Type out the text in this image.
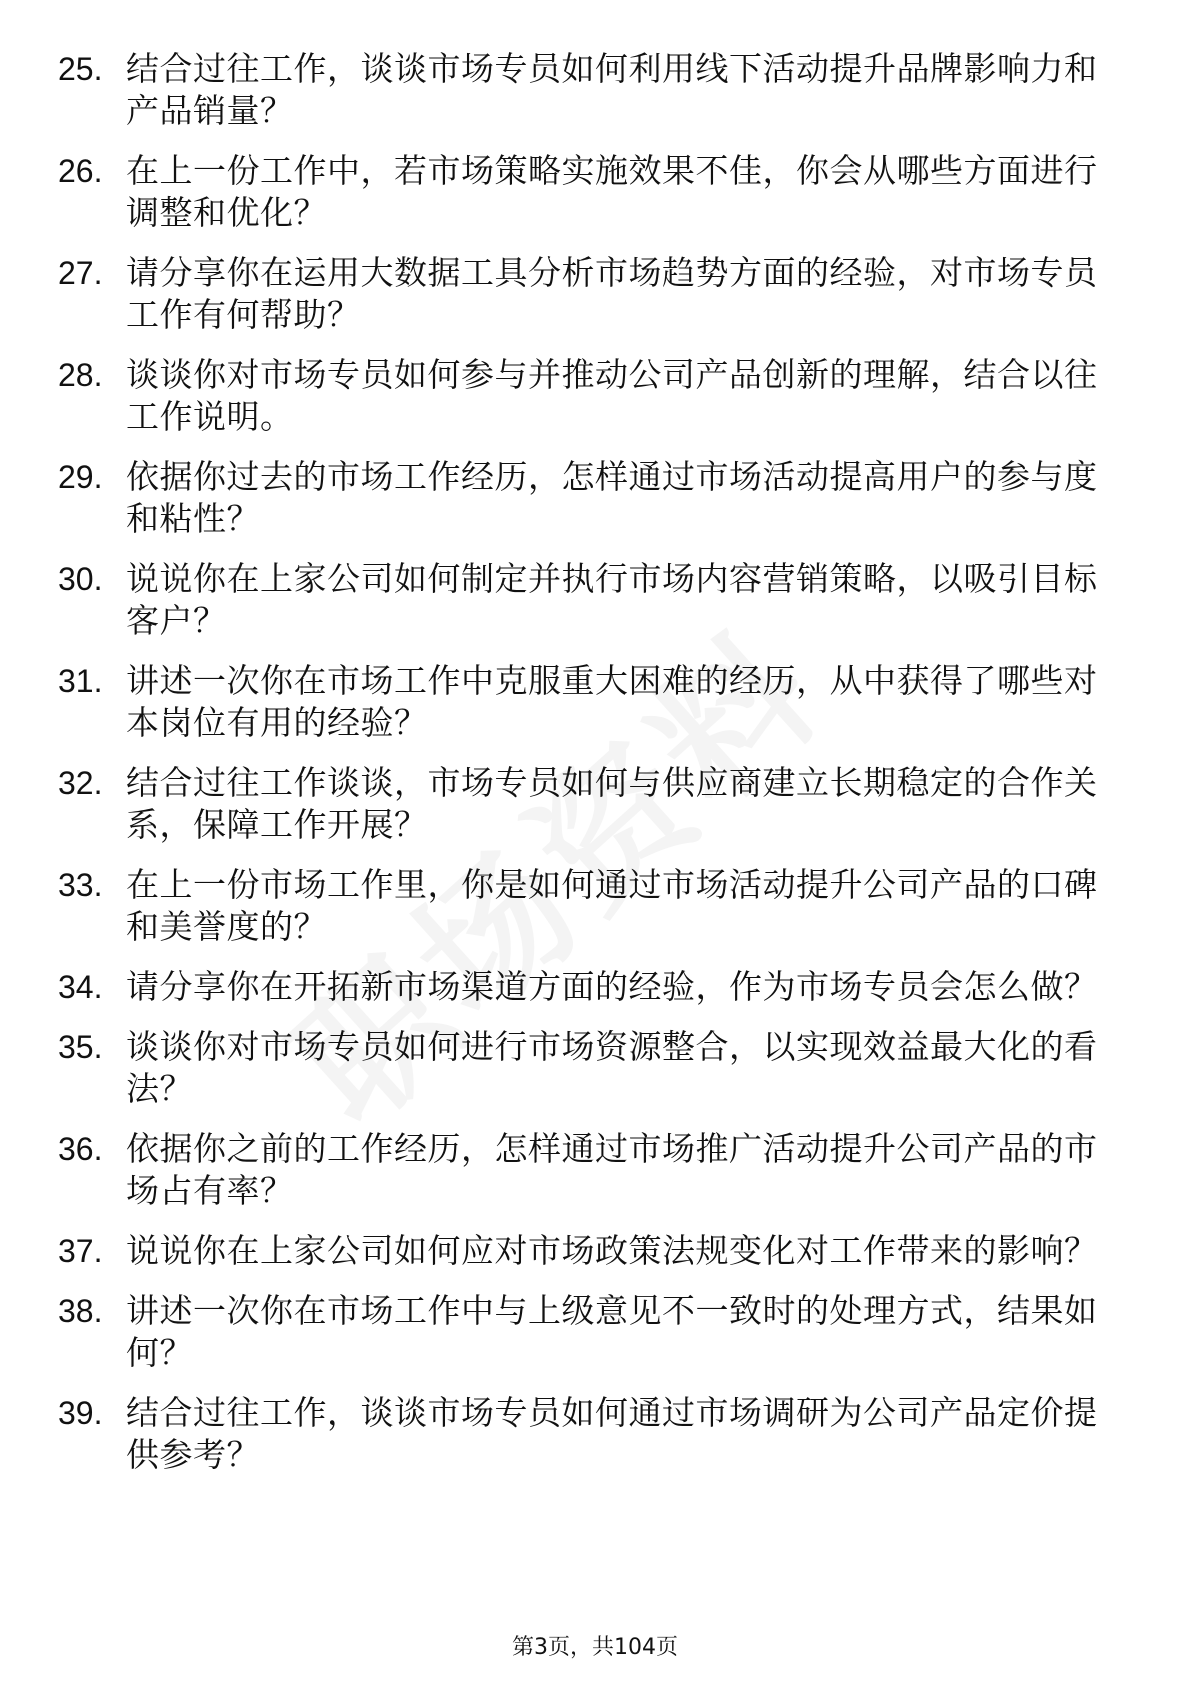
25. 结合过往工作，谈谈市场专员如何利用线下活动提升品牌影响力和产品销量？
26. 在上一份工作中，若市场策略实施效果不佳，你会从哪些方面进行调整和优化？
27. 请分享你在运用大数据工具分析市场趋势方面的经验，对市场专员工作有何帮助？
28. 谈谈你对市场专员如何参与并推动公司产品创新的理解，结合以往工作说明。
29. 依据你过去的市场工作经历，怎样通过市场活动提高用户的参与度和粘性？
30. 说说你在上家公司如何制定并执行市场内容营销策略，以吸引目标客户？
31. 讲述一次你在市场工作中克服重大困难的经历，从中获得了哪些对本岗位有用的经验？
32. 结合过往工作谈谈，市场专员如何与供应商建立长期稳定的合作关系，保障工作开展？
33. 在上一份市场工作里，你是如何通过市场活动提升公司产品的口碑和美誉度的？
34. 请分享你在开拓新市场渠道方面的经验，作为市场专员会怎么做？
35. 谈谈你对市场专员如何进行市场资源整合，以实现效益最大化的看法？
36. 依据你之前的工作经历，怎样通过市场推广活动提升公司产品的市场占有率？
37. 说说你在上家公司如何应对市场政策法规变化对工作带来的影响？
38. 讲述一次你在市场工作中与上级意见不一致时的处理方式，结果如何？
39. 结合过往工作，谈谈市场专员如何通过市场调研为公司产品定价提供参考？
第3页，共104页
